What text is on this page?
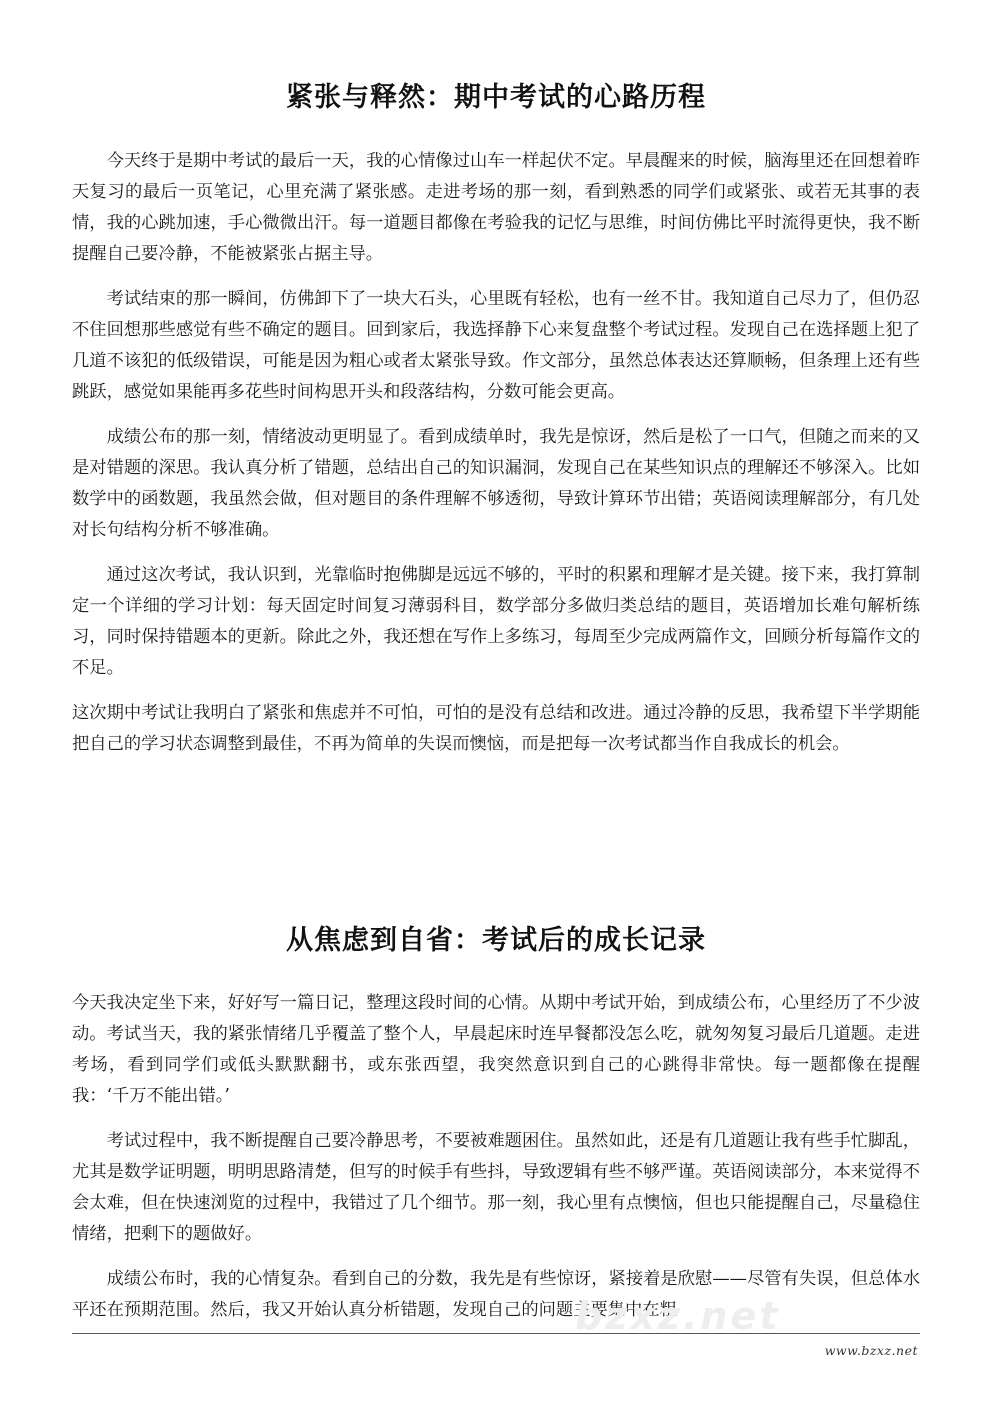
紧张与释然：期中考试的心路历程

今天终于是期中考试的最后一天，我的心情像过山车一样起伏不定。早晨醒来的时候，脑海里还在回想着昨天复习的最后一页笔记，心里充满了紧张感。走进考场的那一刻，看到熟悉的同学们或紧张、或若无其事的表情，我的心跳加速，手心微微出汗。每一道题目都像在考验我的记忆与思维，时间仿佛比平时流得更快，我不断提醒自己要冷静，不能被紧张占据主导。

考试结束的那一瞬间，仿佛卸下了一块大石头，心里既有轻松，也有一丝不甘。我知道自己尽力了，但仍忍不住回想那些感觉有些不确定的题目。回到家后，我选择静下心来复盘整个考试过程。发现自己在选择题上犯了几道不该犯的低级错误，可能是因为粗心或者太紧张导致。作文部分，虽然总体表达还算顺畅，但条理上还有些跳跃，感觉如果能再多花些时间构思开头和段落结构，分数可能会更高。

成绩公布的那一刻，情绪波动更明显了。看到成绩单时，我先是惊讶，然后是松了一口气，但随之而来的又是对错题的深思。我认真分析了错题，总结出自己的知识漏洞，发现自己在某些知识点的理解还不够深入。比如数学中的函数题，我虽然会做，但对题目的条件理解不够透彻，导致计算环节出错；英语阅读理解部分，有几处对长句结构分析不够准确。

通过这次考试，我认识到，光靠临时抱佛脚是远远不够的，平时的积累和理解才是关键。接下来，我打算制定一个详细的学习计划：每天固定时间复习薄弱科目，数学部分多做归类总结的题目，英语增加长难句解析练习，同时保持错题本的更新。除此之外，我还想在写作上多练习，每周至少完成两篇作文，回顾分析每篇作文的不足。

这次期中考试让我明白了紧张和焦虑并不可怕，可怕的是没有总结和改进。通过冷静的反思，我希望下半学期能把自己的学习状态调整到最佳，不再为简单的失误而懊恼，而是把每一次考试都当作自我成长的机会。

从焦虑到自省：考试后的成长记录

今天我决定坐下来，好好写一篇日记，整理这段时间的心情。从期中考试开始，到成绩公布，心里经历了不少波动。考试当天，我的紧张情绪几乎覆盖了整个人，早晨起床时连早餐都没怎么吃，就匆匆复习最后几道题。走进考场，看到同学们或低头默默翻书，或东张西望，我突然意识到自己的心跳得非常快。每一题都像在提醒我：‘千万不能出错。’

考试过程中，我不断提醒自己要冷静思考，不要被难题困住。虽然如此，还是有几道题让我有些手忙脚乱，尤其是数学证明题，明明思路清楚，但写的时候手有些抖，导致逻辑有些不够严谨。英语阅读部分，本来觉得不会太难，但在快速浏览的过程中，我错过了几个细节。那一刻，我心里有点懊恼，但也只能提醒自己，尽量稳住情绪，把剩下的题做好。

成绩公布时，我的心情复杂。看到自己的分数，我先是有些惊讶，紧接着是欣慰——尽管有失误，但总体水平还在预期范围。然后，我又开始认真分析错题，发现自己的问题主要集中在粗

bzxz.net
www.bzxz.net
